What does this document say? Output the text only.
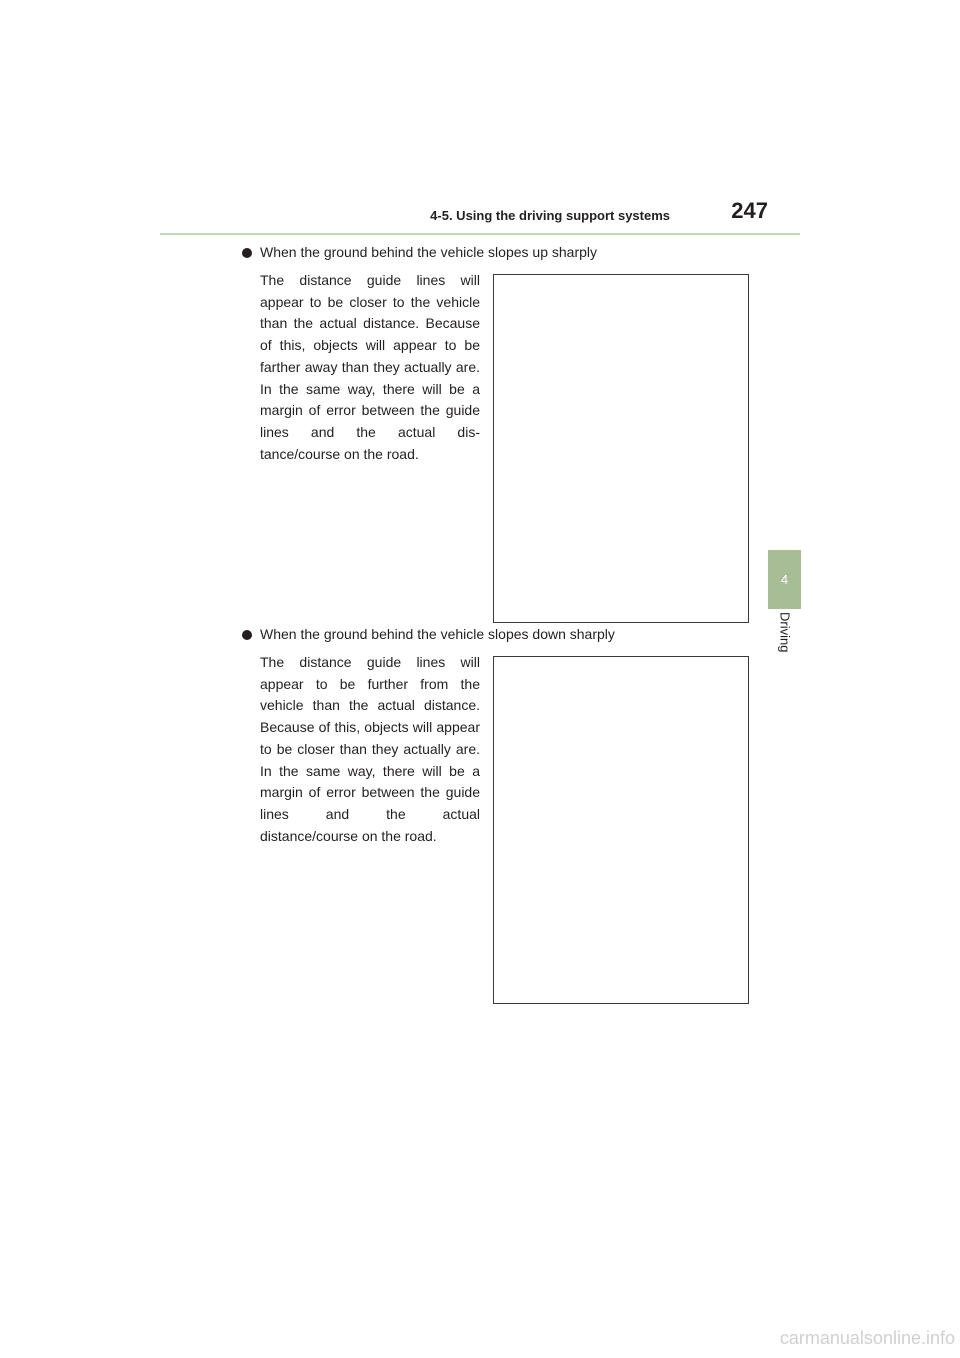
4-5. Using the driving support systems	247
4
Driving
When the ground behind the vehicle slopes up sharply
The distance guide lines will appear to be closer to the vehicle than the actual distance. Because of this, objects will appear to be farther away than they actually are. In the same way, there will be a margin of error between the guide lines and the actual dis-tance/course on the road.
When the ground behind the vehicle slopes down sharply
The distance guide lines will appear to be further from the vehicle than the actual distance. Because of this, objects will appear to be closer than they actually are. In the same way, there will be a margin of error between the guide lines and the actual distance/course on the road.
carmanualsonline.info
